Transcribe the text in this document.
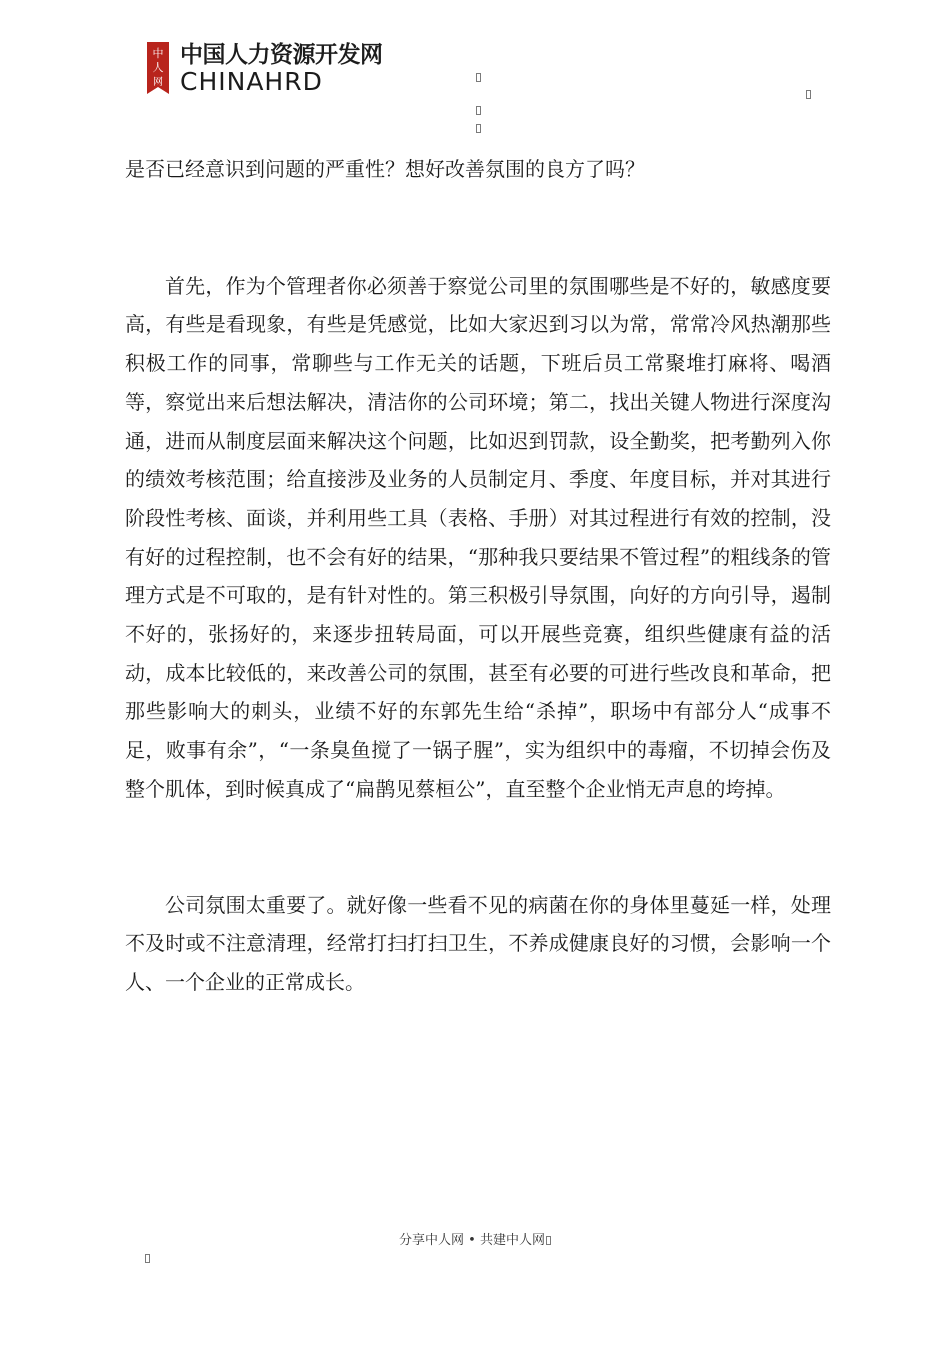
中
人
网
中国人力资源开发网
CHINAHRD

是否已经意识到问题的严重性？想好改善氛围的良方了吗？

首先，作为个管理者你必须善于察觉公司里的氛围哪些是不好的，敏感度要高，有些是看现象，有些是凭感觉，比如大家迟到习以为常，常常冷风热潮那些积极工作的同事，常聊些与工作无关的话题，下班后员工常聚堆打麻将、喝酒等，察觉出来后想法解决，清洁你的公司环境；第二，找出关键人物进行深度沟通，进而从制度层面来解决这个问题，比如迟到罚款，设全勤奖，把考勤列入你的绩效考核范围；给直接涉及业务的人员制定月、季度、年度目标，并对其进行阶段性考核、面谈，并利用些工具（表格、手册）对其过程进行有效的控制，没有好的过程控制，也不会有好的结果，“那种我只要结果不管过程”的粗线条的管理方式是不可取的，是有针对性的。第三积极引导氛围，向好的方向引导，遏制不好的，张扬好的，来逐步扭转局面，可以开展些竞赛，组织些健康有益的活动，成本比较低的，来改善公司的氛围，甚至有必要的可进行些改良和革命，把那些影响大的刺头，业绩不好的东郭先生给“杀掉”，职场中有部分人“成事不足，败事有余”，“一条臭鱼搅了一锅子腥”，实为组织中的毒瘤，不切掉会伤及整个肌体，到时候真成了“扁鹊见蔡桓公”，直至整个企业悄无声息的垮掉。

公司氛围太重要了。就好像一些看不见的病菌在你的身体里蔓延一样，处理不及时或不注意清理，经常打扫打扫卫生，不养成健康良好的习惯，会影响一个人、一个企业的正常成长。

分享中人网 • 共建中人网
